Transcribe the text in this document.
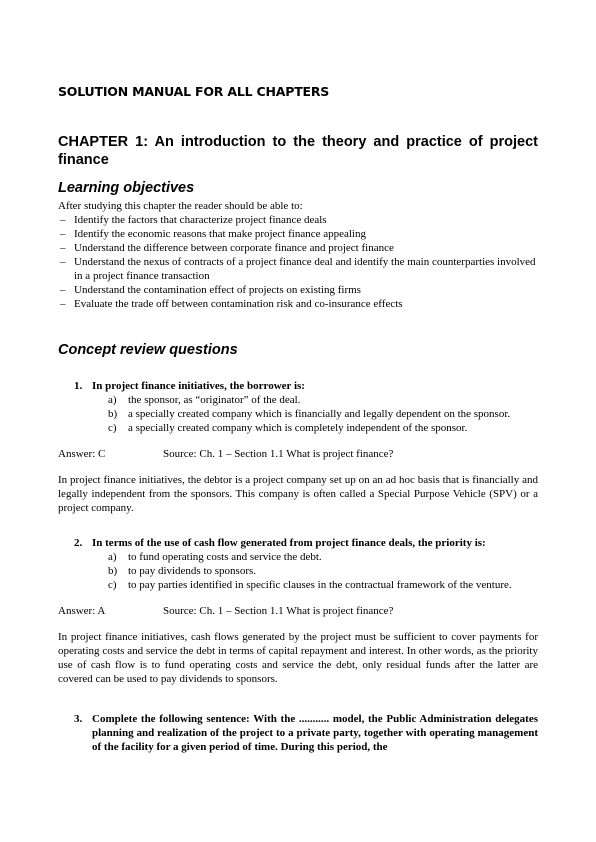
SOLUTION MANUAL FOR ALL CHAPTERS
CHAPTER 1: An introduction to the theory and practice of project finance
Learning objectives

After studying this chapter the reader should be able to:

– Identify the factors that characterize project finance deals
– Identify the economic reasons that make project finance appealing
– Understand the difference between corporate finance and project finance
– Understand the nexus of contracts of a project finance deal and identify the main counterparties involved in a project finance transaction
– Understand the contamination effect of projects on existing firms
– Evaluate the trade off between contamination risk and co-insurance effects
Concept review questions
1. In project finance initiatives, the borrower is:
a)	the sponsor, as “originator” of the deal.
b) a specially created company which is financially and legally dependent on the sponsor.
c)	a specially created company which is completely independent of the sponsor.
Answer: C	Source: Ch. 1 – Section 1.1 What is project finance?

In project finance initiatives, the debtor is a project company set up on an ad hoc basis that is financially and legally independent from the sponsors. This company is often called a Special Purpose Vehicle (SPV) or a project company.

2. In terms of the use of cash flow generated from project finance deals, the priority is:
a)	to fund operating costs and service the debt.
b) to pay dividends to sponsors.
c)	to pay parties identified in specific clauses in the contractual framework of the venture.
Answer: A	Source: Ch. 1 – Section 1.1 What is project finance?

In project finance initiatives, cash flows generated by the project must be sufficient to cover payments for operating costs and service the debt in terms of capital repayment and interest. In other words, as the priority use of cash flow is to fund operating costs and service the debt, only residual funds after the latter are covered can be used to pay dividends to sponsors.

3. Complete the following sentence: With the ........... model, the Public Administration delegates planning and realization of the project to a private party, together with operating management of the facility for a given period of time. During this period, the
